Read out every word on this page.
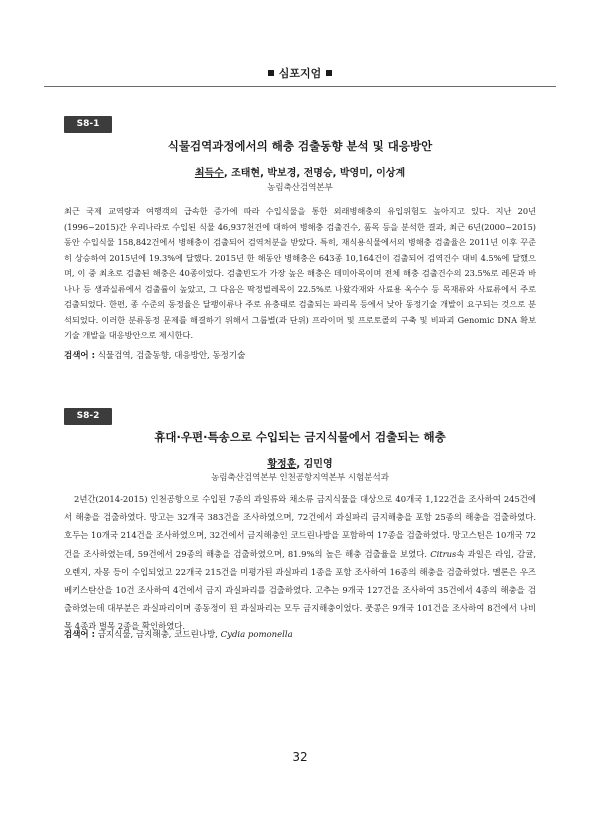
심포지엄
S8-1
식물검역과정에서의 해충 검출동향 분석 및 대응방안
최득수, 조태현, 박보경, 전명승, 박영미, 이상계
농림축산검역본부

최근 국제 교역량과 여행객의 급속한 증가에 따라 수입식물을 통한 외래병해충의 유입위험도 높아지고 있다. 지난 20년(1996~2015)간 우리나라로 수입된 식물 46,937천건에 대하여 병해충 검출건수, 품목 등을 분석한 결과, 최근 6년(2000~2015) 동안 수입식물 158,842건에서 병해충이 검출되어 검역처분을 받았다. 특히, 재식용식물에서의 병해충 검출율은 2011년 이후 꾸준히 상승하여 2015년에 19.3%에 달했다. 2015년 한 해동안 병해충은 643종 10,164건이 검출되어 검역건수 대비 4.5%에 달했으며, 이 중 최초로 검출된 해충은 40종이었다. 검출빈도가 가장 높은 해충은 데미아목이며 전체 해충 검출건수의 23.5%로 레몬과 바나나 등 생과실류에서 검출률이 높았고, 그 다음은 딱정벌레목이 22.5%로 나왔각재와 사료용 옥수수 등 목재류와 사료류에서 주로 검출되었다. 한편, 종 수준의 동정율은 달팽이류나 주로 유충태로 검출되는 파리목 등에서 낮아 동정기술 개발이 요구되는 것으로 분석되었다. 이러한 분류동정 문제를 해결하기 위해서 그룹별(과 단위) 프라이머 및 프로토콜의 구축 및 비파괴 Genomic DNA 확보 기술 개발을 대응방안으로 제시한다.

검색어 : 식물검역, 검출동향, 대응방안, 동정기술
S8-2
휴대·우편·특송으로 수입되는 금지식물에서 검출되는 해충
황정훈, 김민영
농림축산검역본부 인천공항지역본부 시험분석과

2년간(2014-2015) 인천공항으로 수입된 7종의 과일류와 채소류 금지식물을 대상으로 40개국 1,122건을 조사하여 245건에서 해충을 검출하였다. 망고는 32개국 383건을 조사하였으며, 72건에서 과실파리 금지해충을 포함 25종의 해충을 검출하였다. 호두는 10개국 214건을 조사하였으며, 32건에서 금지해충인 코드린나방을 포함하여 17종을 검출하였다. 망고스틴은 10개국 72건을 조사하였는데, 59건에서 29종의 해충을 검출하였으며, 81.9%의 높은 해충 검출율을 보였다. Citrus속 과일은 라임, 감귤, 오렌지, 자몽 등이 수입되었고 22개국 215건을 미평가된 과실파리 1종을 포함 조사하여 16종의 해충을 검출하였다. 멜론은 우즈베키스탄산을 10건 조사하여 4건에서 금지 과실파리를 검출하였다. 고추는 9개국 127건을 조사하여 35건에서 4종의 해충을 검출하였는데 대부분은 과실파리이며 종동정이 된 과실파리는 모두 금지해충이었다. 풋콩은 9개국 101건을 조사하여 8건에서 나비목 4종과 벌목 2종을 확인하였다.

검색어 : 금지식물, 금지해충, 코드린나방, Cydia pomonella
32
